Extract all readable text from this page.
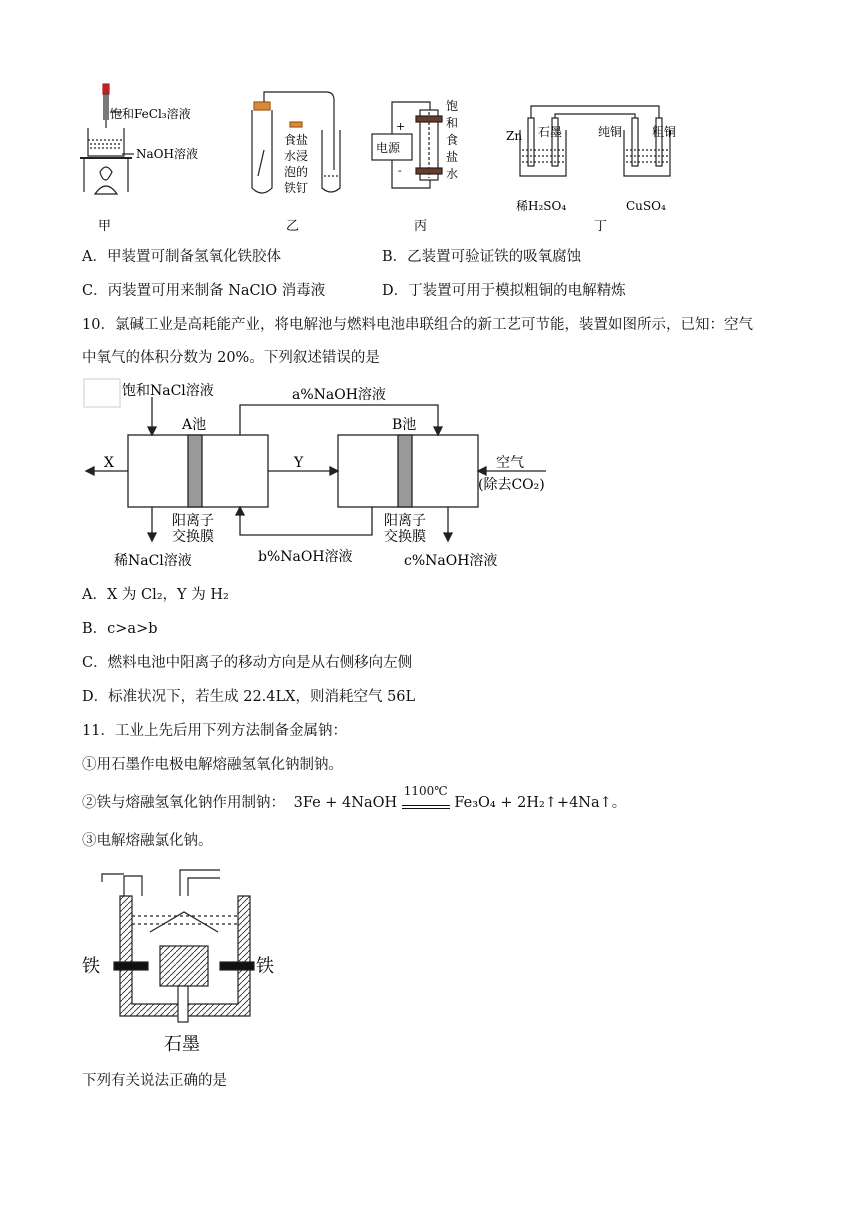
饱和FeCl₃溶液
NaOH溶液
甲
食盐
水浸
泡的
铁钉
乙
电源
+
-
饱
和
食
盐
水
丙
Zn 石墨	纯铜 粗铜
稀H₂SO₄	CuSO₄
丁
A．甲装置可制备氢氧化铁胶体	B．乙装置可验证铁的吸氧腐蚀
C．丙装置可用来制备 NaClO 消毒液	D．丁装置可用于模拟粗铜的电解精炼
10．氯碱工业是高耗能产业，将电解池与燃料电池串联组合的新工艺可节能，装置如图所示，已知：空气
中氧气的体积分数为 20%。下列叙述错误的是
饱和NaCl溶液	a%NaOH溶液
A池	B池
X	Y	空气
(除去CO₂)
阳离子
交换膜
阳离子
交换膜
稀NaCl溶液	b%NaOH溶液	c%NaOH溶液
A．X 为 Cl₂，Y 为 H₂
B．c>a>b
C．燃料电池中阳离子的移动方向是从右侧移向左侧
D．标准状况下，若生成 22.4LX，则消耗空气 56L
11．工业上先后用下列方法制备金属钠：
①用石墨作电极电解熔融氢氧化钠制钠。
②铁与熔融氢氧化钠作用制钠： 3Fe + 4NaOH
1100℃
Fe₃O₄ + 2H₂↑+4Na↑。
③电解熔融氯化钠。
铁	铁
石墨
下列有关说法正确的是
